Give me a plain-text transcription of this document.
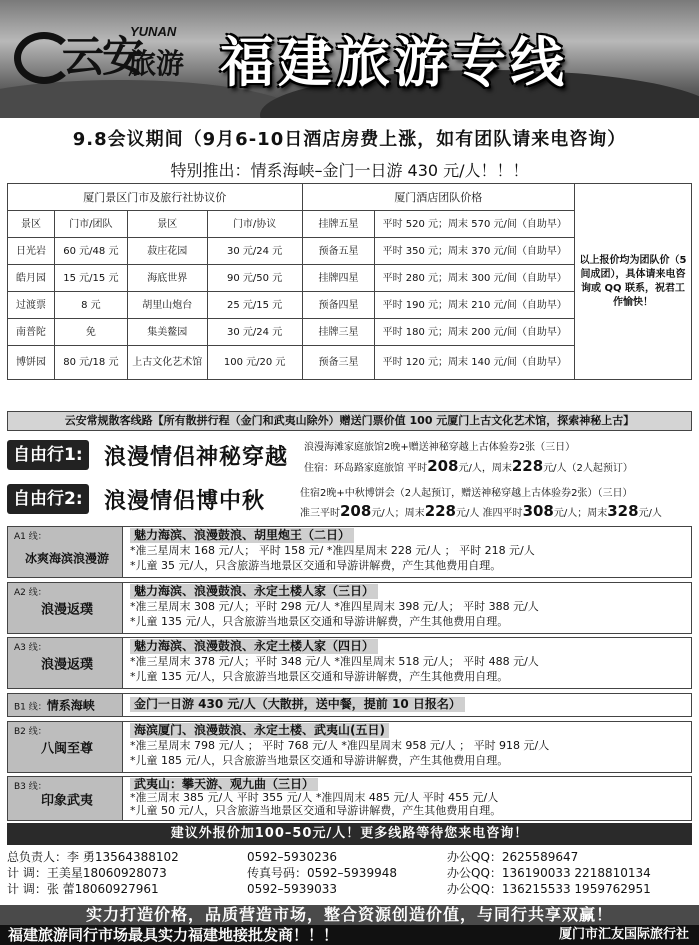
云安
YUNAN
旅游 福建旅游专线
9.8会议期间（9月6-10日酒店房费上涨，如有团队请来电咨询）
特别推出：情系海峡–金门一日游 430 元/人！！！
厦门景区门市及旅行社协议价				厦门酒店团队价格		以上报价均为团队价（5 间成团），具体请来电咨询或 QQ 联系，祝君工作愉快！
景区	门市/团队	景区	门市/协议	挂牌五星	平时 520 元；周末 570 元/间（自助早）	
日光岩	60 元/48 元	菽庄花园	30 元/24 元	预备五星	平时 350 元；周末 370 元/间（自助早）	
皓月园	15 元/15 元	海底世界	90 元/50 元	挂牌四星	平时 280 元；周末 300 元/间（自助早）	
过渡票	8 元	胡里山炮台	25 元/15 元	预备四星	平时 190 元；周末 210 元/间（自助早）	
南普陀	免	集美鳌园	30 元/24 元	挂牌三星	平时 180 元；周末 200 元/间（自助早）	
博饼园	80 元/18 元	上古文化艺术馆	100 元/20 元	预备三星	平时 120 元；周末 140 元/间（自助早）	
云安常规散客线路【所有散拼行程（金门和武夷山除外）赠送门票价值 100 元厦门上古文化艺术馆，探索神秘上古】
自由行1: 浪漫情侣神秘穿越 浪漫海滩家庭旅馆2晚+赠送神秘穿越上古体验券2张（三日）
住宿：环岛路家庭旅馆 平时208元/人，周末228元/人（2人起预订）
自由行2: 浪漫情侣博中秋	住宿2晚+中秋博饼会（2人起预订，赠送神秘穿越上古体验券2张）（三日）
准三平时208元/人；周末228元/人 准四平时308元/人；周末328元/人
A1 线：
冰爽海滨浪漫游
魅力海滨、浪漫鼓浪、胡里炮王（二日）
*准三星周末 168 元/人； 平时 158 元/ *准四星周末 228 元/人 ； 平时 218 元/人
*儿童 35 元/人，只含旅游当地景区交通和导游讲解费，产生其他费用自理。
A2 线：
浪漫返璞
魅力海滨、浪漫鼓浪、永定土楼人家（三日）
*准三星周末 308 元/人；平时 298 元/人 *准四星周末 398 元/人； 平时 388 元/人
*儿童 135 元/人，只含旅游当地景区交通和导游讲解费，产生其他费用自理。
A3 线：
浪漫返璞
魅力海滨、浪漫鼓浪、永定土楼人家（四日）
*准三星周末 378 元/人；平时 348 元/人 *准四星周末 518 元/人； 平时 488 元/人
*儿童 135 元/人，只含旅游当地景区交通和导游讲解费，产生其他费用自理。
B1 线：情系海峡	金门一日游 430 元/人（大散拼，送中餐，提前 10 日报名）
B2 线：
八闽至尊
海滨厦门、浪漫鼓浪、永定土楼、武夷山(五日)
*准三星周末 798 元/人 ； 平时 768 元/人 *准四星周末 958 元/人 ； 平时 918 元/人
*儿童 185 元/人，只含旅游当地景区交通和导游讲解费，产生其他费用自理。
B3 线：
印象武夷
武夷山：攀天游、观九曲（三日）
*准三周末 385 元/人 平时 355 元/人 *准四周末 485 元/人 平时 455 元/人
*儿童 50 元/人，只含旅游当地景区交通和导游讲解费，产生其他费用自理。
建议外报价加100–50元/人！更多线路等待您来电咨询！
总负责人：李 勇13564388102	0592–5930236	办公QQ：2625589647
计 调：王美星18060928073	传真号码：0592–5939948	办公QQ：136190033 2218810134
计 调：张 蕾18060927961	0592–5939033	办公QQ：136215533 1959762951
实力打造价格，品质营造市场，整合资源创造价值，与同行共享双赢！
福建旅游同行市场最具实力福建地接批发商！！！	厦门市汇友国际旅行社
